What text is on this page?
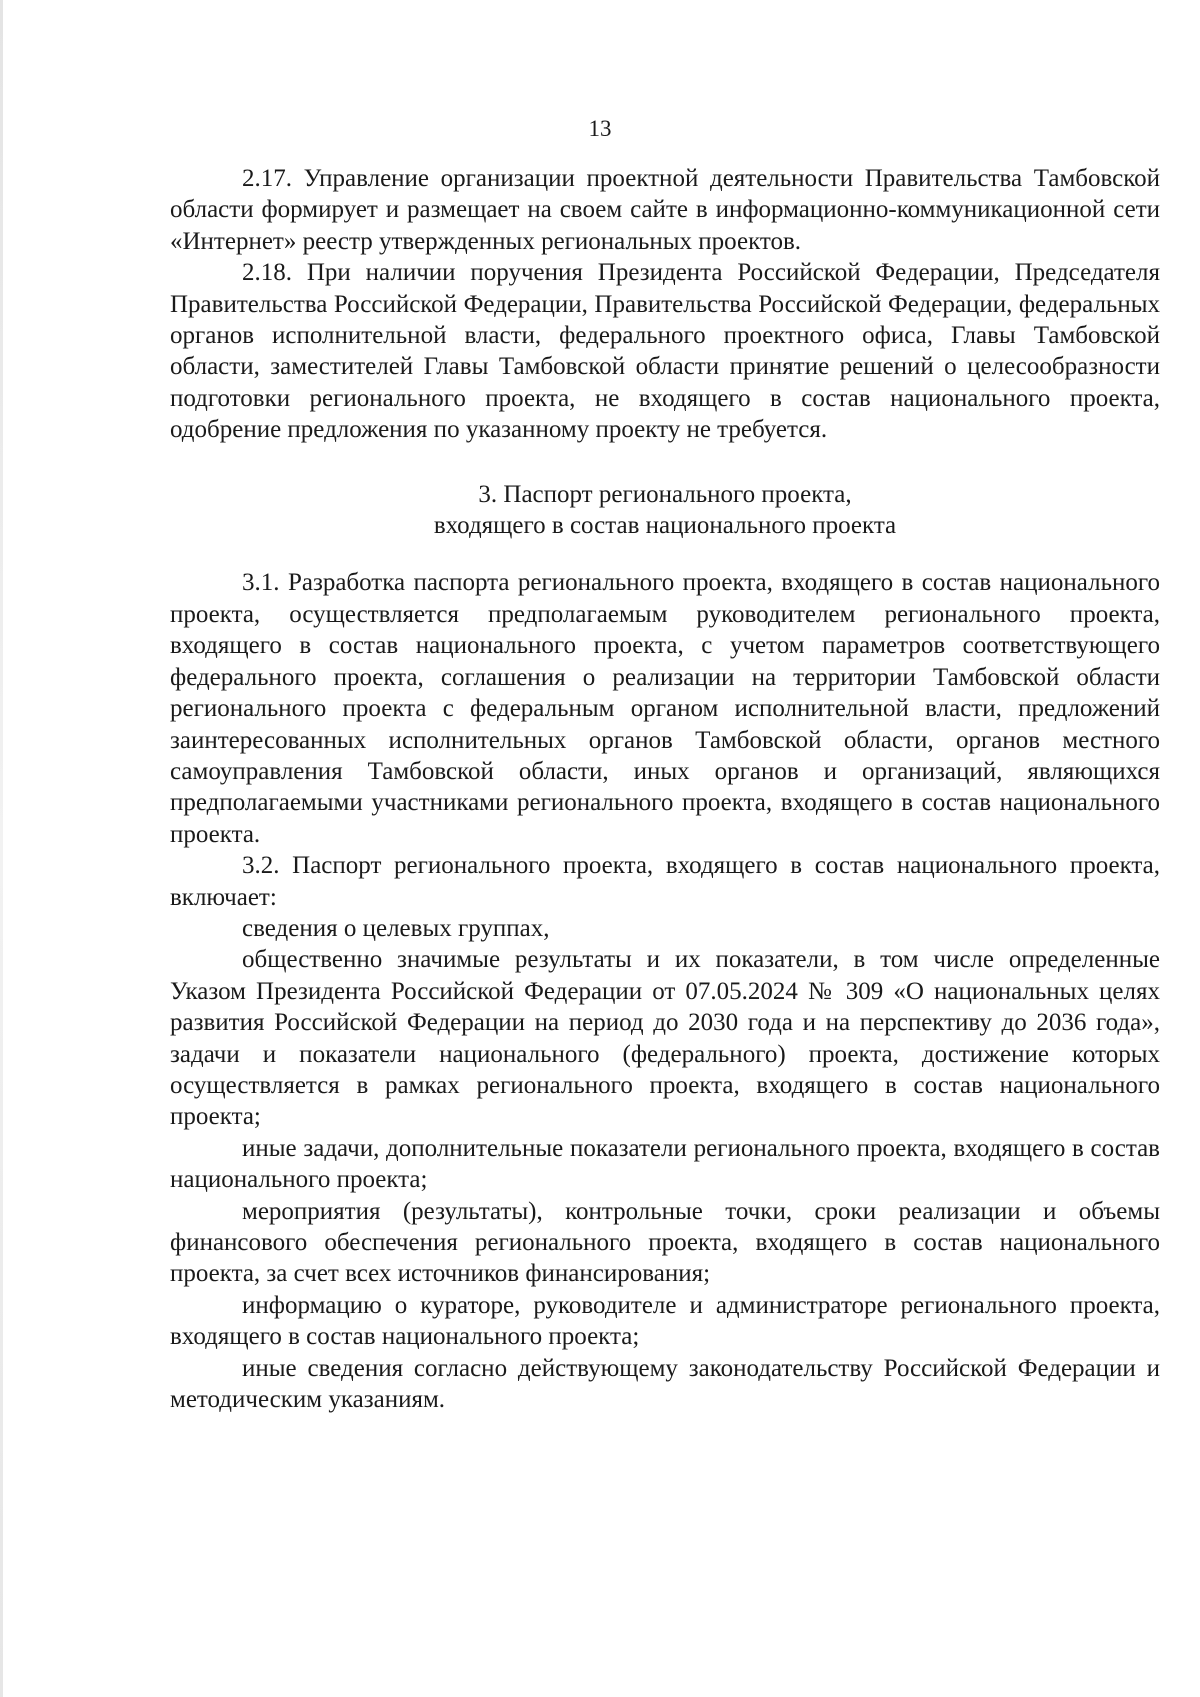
13

2.17. Управление организации проектной деятельности Правительства Тамбовской области формирует и размещает на своем сайте в информационно-коммуникационной сети «Интернет» реестр утвержденных региональных проектов.

2.18. При наличии поручения Президента Российской Федерации, Председателя Правительства Российской Федерации, Правительства Российской Федерации, федеральных органов исполнительной власти, федерального проектного офиса, Главы Тамбовской области, заместителей Главы Тамбовской области принятие решений о целесообразности подготовки регионального проекта, не входящего в состав национального проекта, одобрение предложения по указанному проекту не требуется.

3. Паспорт регионального проекта,
входящего в состав национального проекта

3.1. Разработка паспорта регионального проекта, входящего в состав национального проекта, осуществляется предполагаемым руководителем регионального проекта, входящего в состав национального проекта, с учетом параметров соответствующего федерального проекта, соглашения о реализации на территории Тамбовской области регионального проекта с федеральным органом исполнительной власти, предложений заинтересованных исполнительных органов Тамбовской области, органов местного самоуправления Тамбовской области, иных органов и организаций, являющихся предполагаемыми участниками регионального проекта, входящего в состав национального проекта.

3.2. Паспорт регионального проекта, входящего в состав национального проекта, включает:

сведения о целевых группах,

общественно значимые результаты и их показатели, в том числе определенные Указом Президента Российской Федерации от 07.05.2024 № 309 «О национальных целях развития Российской Федерации на период до 2030 года и на перспективу до 2036 года», задачи и показатели национального (федерального) проекта, достижение которых осуществляется в рамках регионального проекта, входящего в состав национального проекта;

иные задачи, дополнительные показатели регионального проекта, входящего в состав национального проекта;

мероприятия (результаты), контрольные точки, сроки реализации и объемы финансового обеспечения регионального проекта, входящего в состав национального проекта, за счет всех источников финансирования;

информацию о кураторе, руководителе и администраторе регионального проекта, входящего в состав национального проекта;

иные сведения согласно действующему законодательству Российской Федерации и методическим указаниям.
